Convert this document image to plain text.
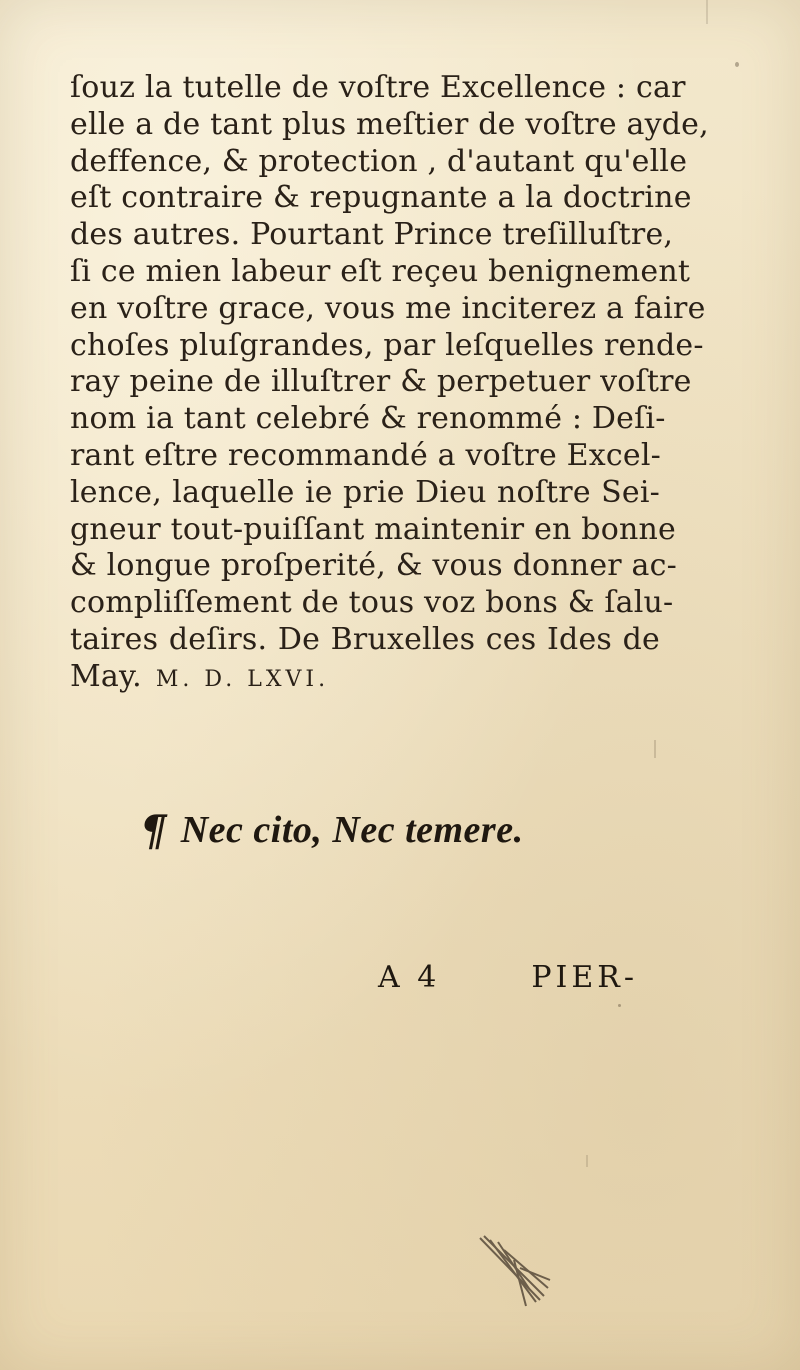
ſouz la tutelle de voſtre Excellence : car
elle a de tant plus meſtier de voſtre ayde,
deffence, & protection , d'autant qu'elle
eſt contraire & repugnante a la doctrine
des autres. Pourtant Prince treſilluſtre,
ſi ce mien labeur eſt reçeu benignement
en voſtre grace, vous me inciterez a faire
choſes pluſgrandes, par leſquelles rende-
ray peine de illuſtrer & perpetuer voſtre
nom ia tant celebré & renommé : Deſi-
rant eſtre recommandé a voſtre Excel-
lence, laquelle ie prie Dieu noſtre Sei-
gneur tout-puiſſant maintenir en bonne
& longue proſperité, & vous donner ac-
compliſſement de tous voz bons & ſalu-
taires deſirs. De Bruxelles ces Ides de
May. M. D. LXVI.
¶ Nec cito, Nec temere.
A 4	PIER-
